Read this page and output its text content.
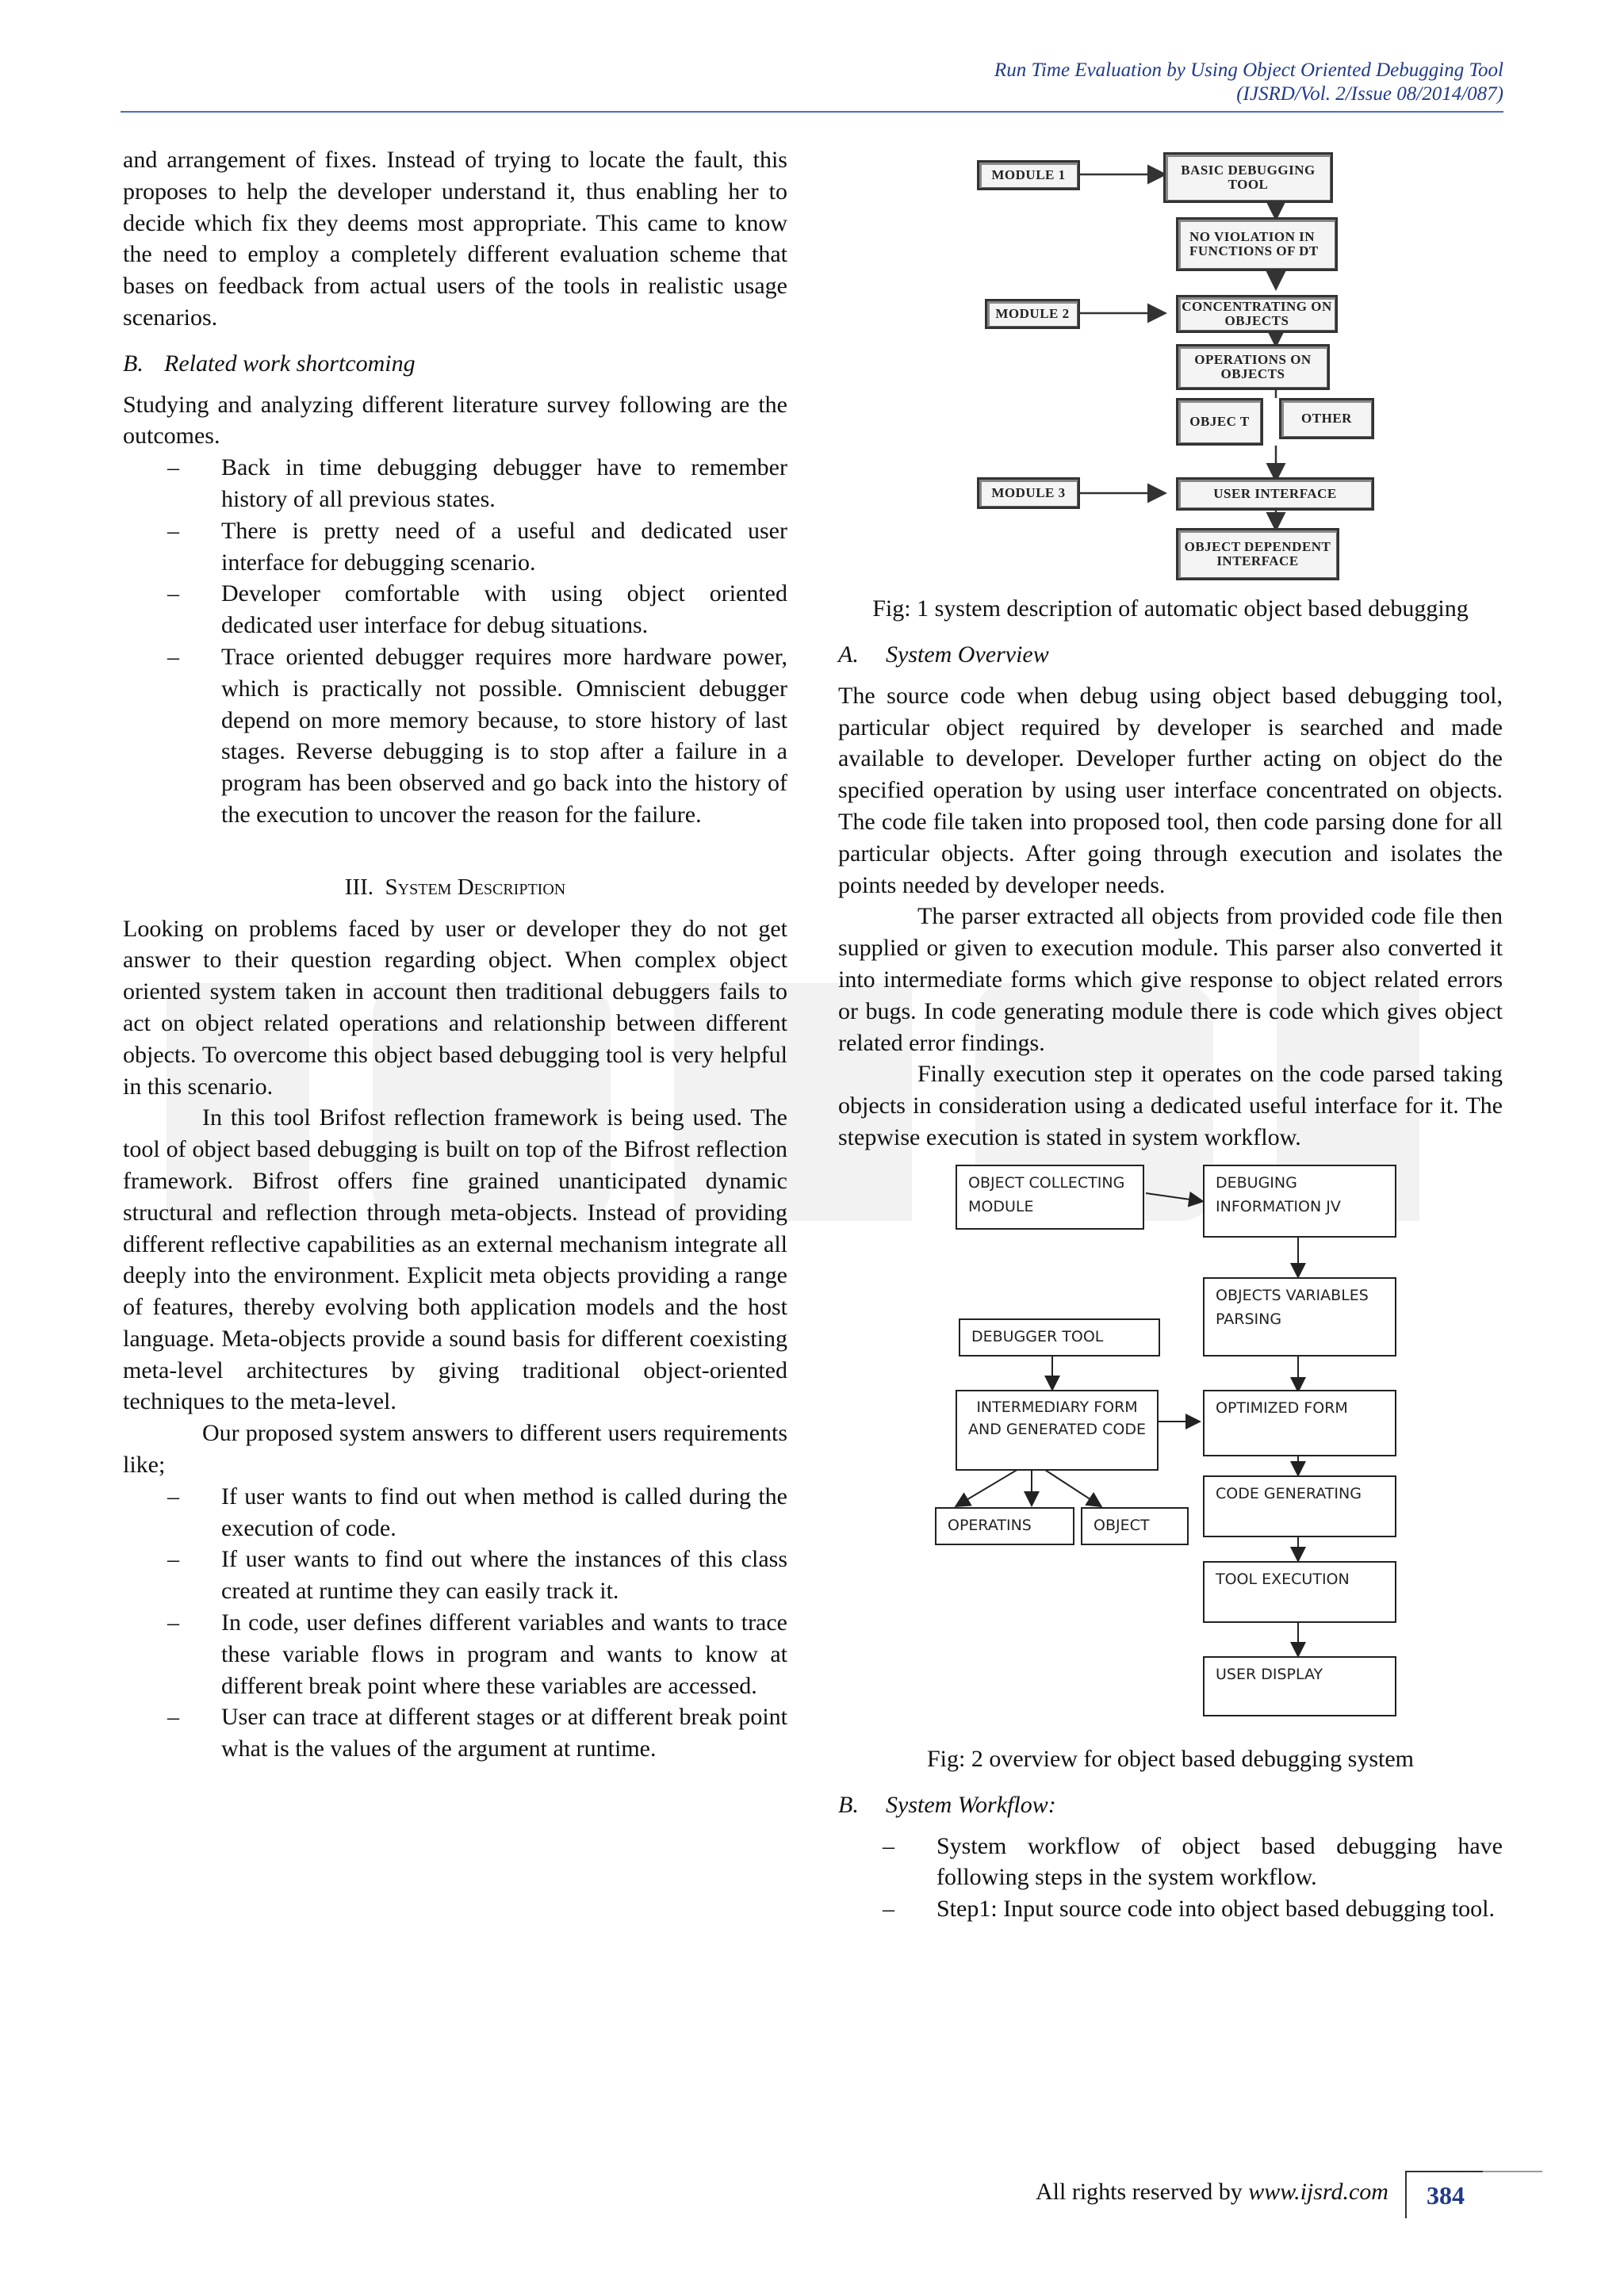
Run Time Evaluation by Using Object Oriented Debugging Tool
(IJSRD/Vol. 2/Issue 08/2014/087)

and arrangement of fixes. Instead of trying to locate the fault, this proposes to help the developer understand it, thus enabling her to decide which fix they deems most appropriate. This came to know the need to employ a completely different evaluation scheme that bases on feedback from actual users of the tools in realistic usage scenarios.

B. Related work shortcoming

Studying and analyzing different literature survey following are the outcomes.

– Back in time debugging debugger have to remember history of all previous states.
– There is pretty need of a useful and dedicated user interface for debugging scenario.
– Developer comfortable with using object oriented dedicated user interface for debug situations.
– Trace oriented debugger requires more hardware power, which is practically not possible. Omniscient debugger depend on more memory because, to store history of last stages. Reverse debugging is to stop after a failure in a program has been observed and go back into the history of the execution to uncover the reason for the failure.
III. System Description

Looking on problems faced by user or developer they do not get answer to their question regarding object. When complex object oriented system taken in account then traditional debuggers fails to act on object related operations and relationship between different objects. To overcome this object based debugging tool is very helpful in this scenario.

In this tool Brifost reflection framework is being used. The tool of object based debugging is built on top of the Bifrost reflection framework. Bifrost offers fine grained unanticipated dynamic structural and reflection through meta-objects. Instead of providing different reflective capabilities as an external mechanism integrate all deeply into the environment. Explicit meta objects providing a range of features, thereby evolving both application models and the host language. Meta-objects provide a sound basis for different coexisting meta-level architectures by giving traditional object-oriented techniques to the meta-level.

Our proposed system answers to different users requirements like;

– If user wants to find out when method is called during the execution of code.
– If user wants to find out where the instances of this class created at runtime they can easily track it.
– In code, user defines different variables and wants to trace these variable flows in program and wants to know at different break point where these variables are accessed.
– User can trace at different stages or at different break point what is the values of the argument at runtime.
MODULE 1	BASIC DEBUGGING TOOL
NO VIOLATION IN FUNCTIONS OF DT
MODULE 2	CONCENTRATING ON OBJECTS
OPERATIONS ON OBJECTS
OBJEC T	OTHER
MODULE 3	USER INTERFACE
OBJECT DEPENDENT INTERFACE
Fig: 1 system description of automatic object based debugging
A. System Overview

The source code when debug using object based debugging tool, particular object required by developer is searched and made available to developer. Developer further acting on object do the specified operation by using user interface concentrated on objects. The code file taken into proposed tool, then code parsing done for all particular objects. After going through execution and isolates the points needed by developer needs.

The parser extracted all objects from provided code file then supplied or given to execution module. This parser also converted it into intermediate forms which give response to object related errors or bugs. In code generating module there is code which gives object related error findings.

Finally execution step it operates on the code parsed taking objects in consideration using a dedicated useful interface for it. The stepwise execution is stated in system workflow.

OBJECT COLLECTING MODULE
DEBUGING INFORMATION JV
OBJECTS VARIABLES PARSING
DEBUGGER TOOL
INTERMEDIARY FORM AND GENERATED CODE
OPTIMIZED FORM
OPERATINS	OBJECT
CODE GENERATING
TOOL EXECUTION
USER DISPLAY
Fig: 2 overview for object based debugging system
B. System Workflow:
– System workflow of object based debugging have following steps in the system workflow.
– Step1: Input source code into object based debugging tool.
All rights reserved by www.ijsrd.com	384
